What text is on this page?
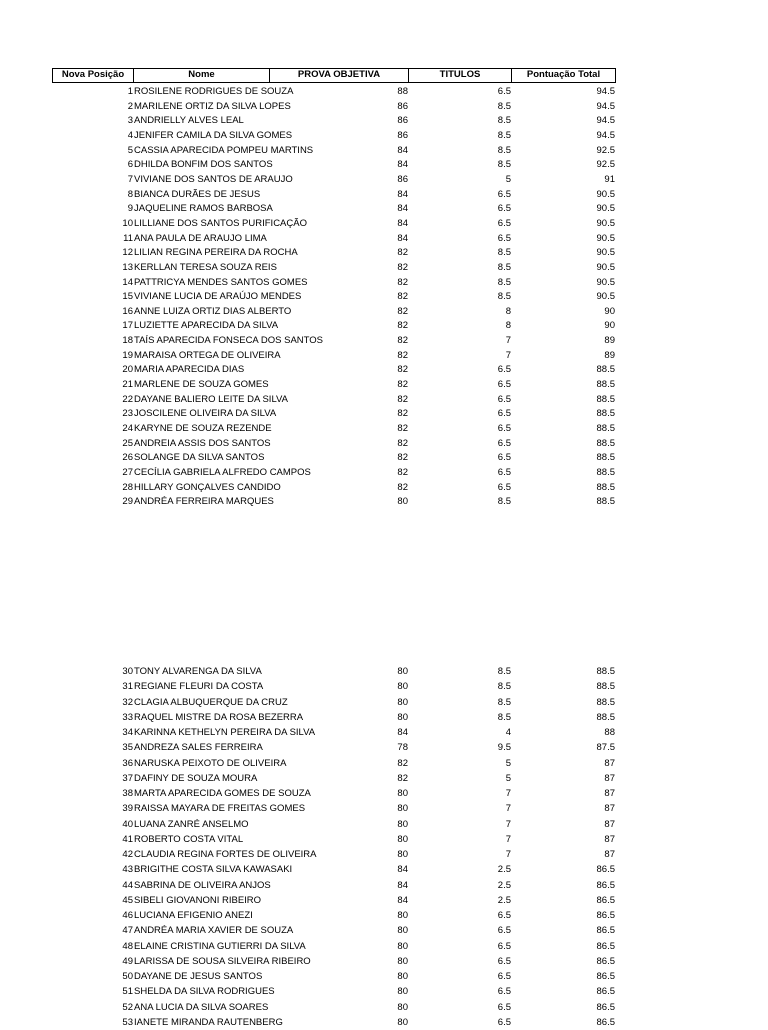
Nova Posição	Nome	PROVA OBJETIVA	TITULOS	Pontuação Total
1 ROSILENE RODRIGUES DE SOUZA	88	6.5	94.5
2 MARILENE ORTIZ DA SILVA LOPES	86	8.5	94.5
3 ANDRIELLY ALVES LEAL	86	8.5	94.5
4 JENIFER CAMILA DA SILVA GOMES	86	8.5	94.5
5 CASSIA APARECIDA POMPEU MARTINS	84	8.5	92.5
6 DHILDA BONFIM DOS SANTOS	84	8.5	92.5
7 VIVIANE DOS SANTOS DE ARAUJO	86	5	91
8 BIANCA DURÃES DE JESUS	84	6.5	90.5
9 JAQUELINE RAMOS BARBOSA	84	6.5	90.5
10 LILLIANE DOS SANTOS PURIFICAÇÃO	84	6.5	90.5
11 ANA PAULA DE ARAUJO LIMA	84	6.5	90.5
12 LILIAN REGINA PEREIRA DA ROCHA	82	8.5	90.5
13 KERLLAN TERESA SOUZA REIS	82	8.5	90.5
14 PATTRICYA MENDES SANTOS GOMES	82	8.5	90.5
15 VIVIANE LUCIA DE ARAÚJO MENDES	82	8.5	90.5
16 ANNE LUIZA ORTIZ DIAS ALBERTO	82	8	90
17 LUZIETTE APARECIDA DA SILVA	82	8	90
18 TAÍS APARECIDA FONSECA DOS SANTOS	82	7	89
19 MARAISA ORTEGA DE OLIVEIRA	82	7	89
20 MARIA APARECIDA DIAS	82	6.5	88.5
21 MARLENE DE SOUZA GOMES	82	6.5	88.5
22 DAYANE BALIERO LEITE DA SILVA	82	6.5	88.5
23 JOSCILENE OLIVEIRA DA SILVA	82	6.5	88.5
24 KARYNE DE SOUZA REZENDE	82	6.5	88.5
25 ANDREIA ASSIS DOS SANTOS	82	6.5	88.5
26 SOLANGE DA SILVA SANTOS	82	6.5	88.5
27 CECÍLIA GABRIELA ALFREDO CAMPOS	82	6.5	88.5
28 HILLARY GONÇALVES CANDIDO	82	6.5	88.5
29 ANDRÉA FERREIRA MARQUES	80	8.5	88.5
30 TONY ALVARENGA DA SILVA	80	8.5	88.5
31 REGIANE FLEURI DA COSTA	80	8.5	88.5
32 CLAGIA ALBUQUERQUE DA CRUZ	80	8.5	88.5
33 RAQUEL MISTRE DA ROSA BEZERRA	80	8.5	88.5
34 KARINNA KETHELYN PEREIRA DA SILVA	84	4	88
35 ANDREZA SALES FERREIRA	78	9.5	87.5
36 NARUSKA PEIXOTO DE OLIVEIRA	82	5	87
37 DAFINY DE SOUZA MOURA	82	5	87
38 MARTA APARECIDA GOMES DE SOUZA	80	7	87
39 RAISSA MAYARA DE FREITAS GOMES	80	7	87
40 LUANA ZANRÉ ANSELMO	80	7	87
41 ROBERTO COSTA VITAL	80	7	87
42 CLAUDIA REGINA FORTES DE OLIVEIRA	80	7	87
43 BRIGITHE COSTA SILVA KAWASAKI	84	2.5	86.5
44 SABRINA DE OLIVEIRA ANJOS	84	2.5	86.5
45 SIBELI GIOVANONI RIBEIRO	84	2.5	86.5
46 LUCIANA EFIGENIO ANEZI	80	6.5	86.5
47 ANDRÉA MARIA XAVIER DE SOUZA	80	6.5	86.5
48 ELAINE CRISTINA GUTIERRI DA SILVA	80	6.5	86.5
49 LARISSA DE SOUSA SILVEIRA RIBEIRO	80	6.5	86.5
50 DAYANE DE JESUS SANTOS	80	6.5	86.5
51 SHELDA DA SILVA RODRIGUES	80	6.5	86.5
52 ANA LUCIA DA SILVA SOARES	80	6.5	86.5
53 IANETE MIRANDA RAUTENBERG	80	6.5	86.5
